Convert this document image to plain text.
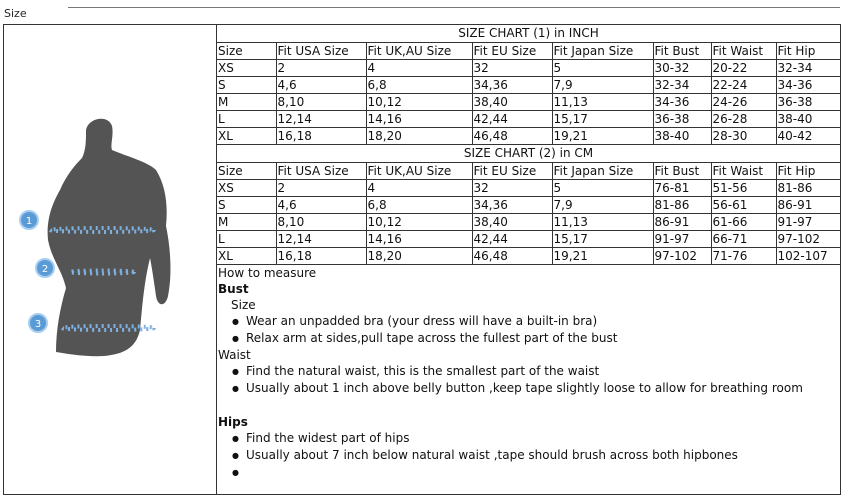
Size
1
2
3
SIZE CHART (1) in INCH
Size	Fit USA Size	Fit UK,AU Size	Fit EU Size	Fit Japan Size	Fit Bust	Fit Waist	Fit Hip
XS	2	4	32	5	30-32	20-22	32-34
S	4,6	6,8	34,36	7,9	32-34	22-24	34-36
M	8,10	10,12	38,40	11,13	34-36	24-26	36-38
L	12,14	14,16	42,44	15,17	36-38	26-28	38-40
XL	16,18	18,20	46,48	19,21	38-40	28-30	40-42
SIZE CHART (2) in CM
Size	Fit USA Size	Fit UK,AU Size	Fit EU Size	Fit Japan Size	Fit Bust	Fit Waist	Fit Hip
XS	2	4	32	5	76-81	51-56	81-86
S	4,6	6,8	34,36	7,9	81-86	56-61	86-91
M	8,10	10,12	38,40	11,13	86-91	61-66	91-97
L	12,14	14,16	42,44	15,17	91-97	66-71	97-102
XL	16,18	18,20	46,48	19,21	97-102	71-76	102-107
How to measure
Bust
Size
● Wear an unpadded bra (your dress will have a built-in bra)
● Relax arm at sides,pull tape across the fullest part of the bust
Waist
● Find the natural waist, this is the smallest part of the waist
● Usually about 1 inch above belly button ,keep tape slightly loose to allow for breathing room
Hips
● Find the widest part of hips
● Usually about 7 inch below natural waist ,tape should brush across both hipbones
